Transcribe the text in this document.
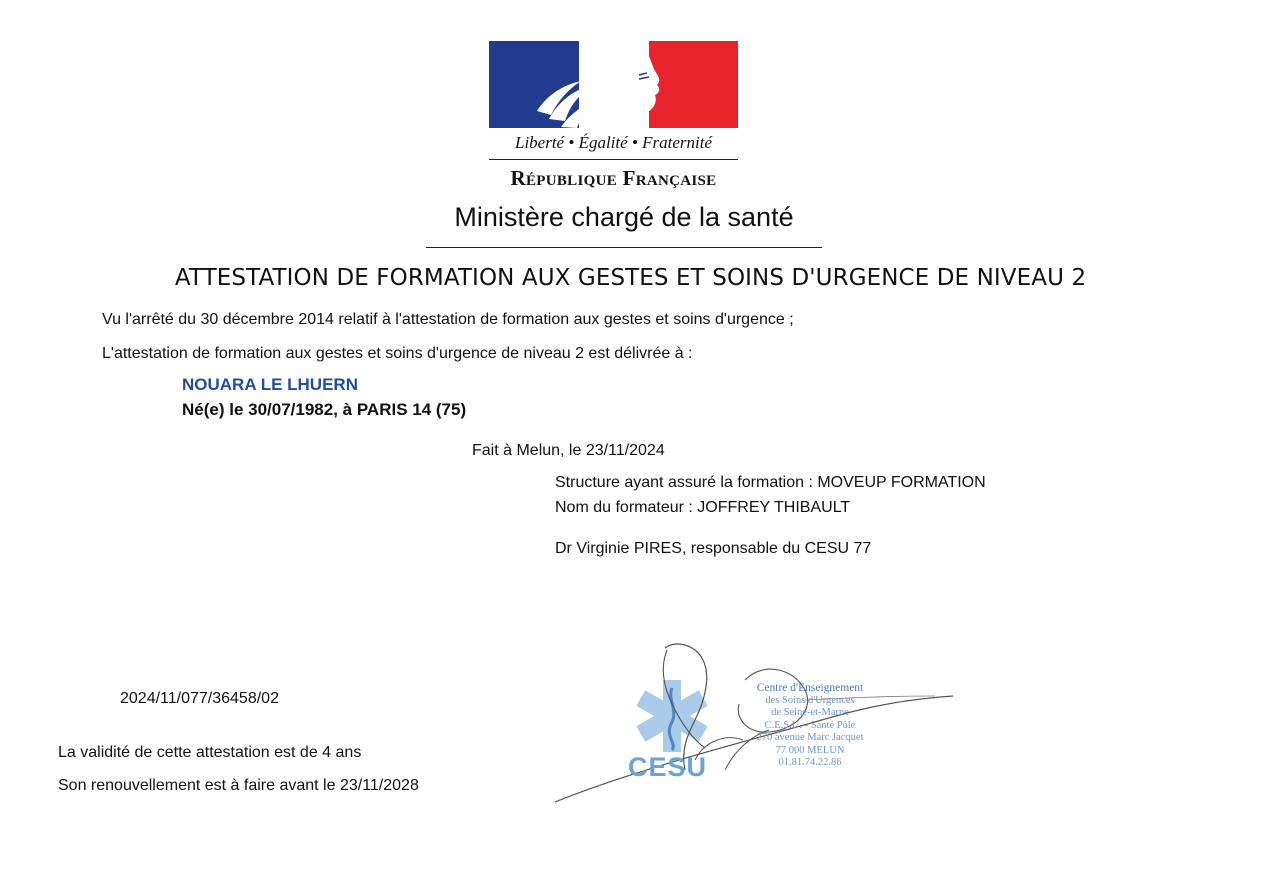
Liberté • Égalité • Fraternité
République Française
Ministère chargé de la santé
ATTESTATION DE FORMATION AUX GESTES ET SOINS D'URGENCE DE NIVEAU 2
Vu l'arrêté du 30 décembre 2014 relatif à l'attestation de formation aux gestes et soins d'urgence ;
L'attestation de formation aux gestes et soins d'urgence de niveau 2 est délivrée à :
NOUARA LE LHUERN
Né(e) le 30/07/1982, à PARIS 14 (75)
Fait à Melun, le 23/11/2024
Structure ayant assuré la formation : MOVEUP FORMATION
Nom du formateur : JOFFREY THIBAULT
Dr Virginie PIRES, responsable du CESU 77
CESU
Centre d'Enseignement
des Soins d'Urgences
de Seine-et-Marne
C.E.S.U. - Santé Pôle
270 avenue Marc Jacquet
77 000 MELUN
01.81.74.22.86
2024/11/077/36458/02
La validité de cette attestation est de 4 ans
Son renouvellement est à faire avant le 23/11/2028
